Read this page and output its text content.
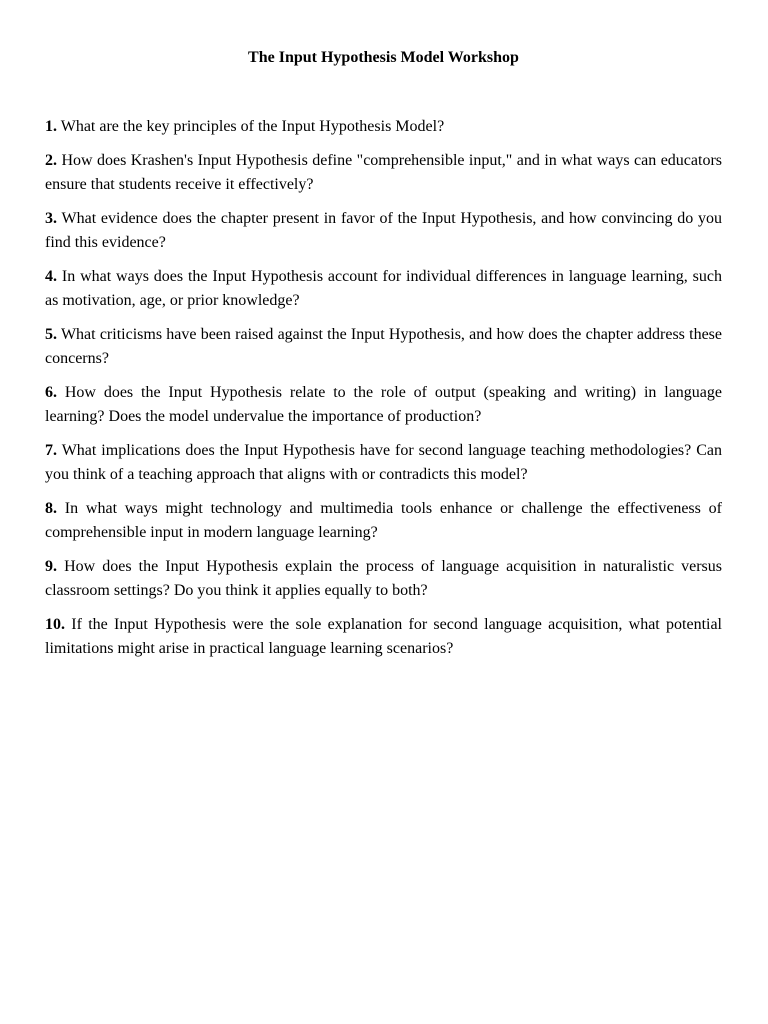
The Input Hypothesis Model Workshop
1. What are the key principles of the Input Hypothesis Model?
2. How does Krashen's Input Hypothesis define "comprehensible input," and in what ways can educators ensure that students receive it effectively?
3. What evidence does the chapter present in favor of the Input Hypothesis, and how convincing do you find this evidence?
4. In what ways does the Input Hypothesis account for individual differences in language learning, such as motivation, age, or prior knowledge?
5. What criticisms have been raised against the Input Hypothesis, and how does the chapter address these concerns?
6. How does the Input Hypothesis relate to the role of output (speaking and writing) in language learning? Does the model undervalue the importance of production?
7. What implications does the Input Hypothesis have for second language teaching methodologies? Can you think of a teaching approach that aligns with or contradicts this model?
8. In what ways might technology and multimedia tools enhance or challenge the effectiveness of comprehensible input in modern language learning?
9. How does the Input Hypothesis explain the process of language acquisition in naturalistic versus classroom settings? Do you think it applies equally to both?
10. If the Input Hypothesis were the sole explanation for second language acquisition, what potential limitations might arise in practical language learning scenarios?
